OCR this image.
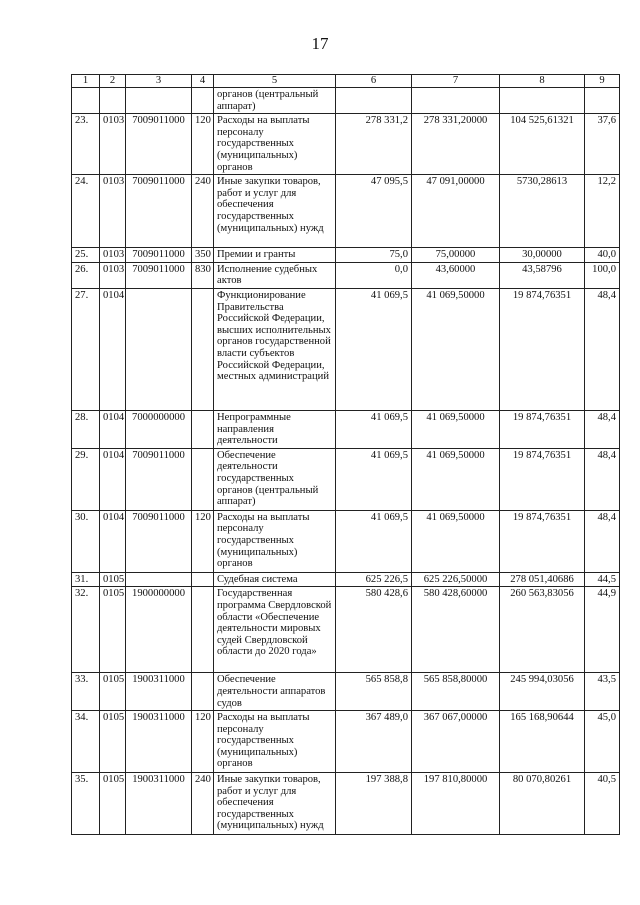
17
1	2	3	4	5	6	7	8	9
				органов (центральный аппарат)				
23.	0103	7009011000	120	Расходы на выплаты персоналу государственных (муниципальных) органов	278 331,2	278 331,20000	104 525,61321	37,6
24.	0103	7009011000	240	Иные закупки товаров, работ и услуг для обеспечения государственных (муниципальных) нужд	47 095,5	47 091,00000	5730,28613	12,2
25.	0103	7009011000	350	Премии и гранты	75,0	75,00000	30,00000	40,0
26.	0103	7009011000	830	Исполнение судебных актов	0,0	43,60000	43,58796	100,0
27.	0104			Функционирование Правительства Российской Федерации, высших исполнительных органов государственной власти субъектов Российской Федерации, местных администраций	41 069,5	41 069,50000	19 874,76351	48,4
28.	0104	7000000000		Непрограммные направления деятельности	41 069,5	41 069,50000	19 874,76351	48,4
29.	0104	7009011000		Обеспечение деятельности государственных органов (центральный аппарат)	41 069,5	41 069,50000	19 874,76351	48,4
30.	0104	7009011000	120	Расходы на выплаты персоналу государственных (муниципальных) органов	41 069,5	41 069,50000	19 874,76351	48,4
31.	0105			Судебная система	625 226,5	625 226,50000	278 051,40686	44,5
32.	0105	1900000000		Государственная программа Свердловской области «Обеспечение деятельности мировых судей Свердловской области до 2020 года»	580 428,6	580 428,60000	260 563,83056	44,9
33.	0105	1900311000		Обеспечение деятельности аппаратов судов	565 858,8	565 858,80000	245 994,03056	43,5
34.	0105	1900311000	120	Расходы на выплаты персоналу государственных (муниципальных) органов	367 489,0	367 067,00000	165 168,90644	45,0
35.	0105	1900311000	240	Иные закупки товаров, работ и услуг для обеспечения государственных (муниципальных) нужд	197 388,8	197 810,80000	80 070,80261	40,5
